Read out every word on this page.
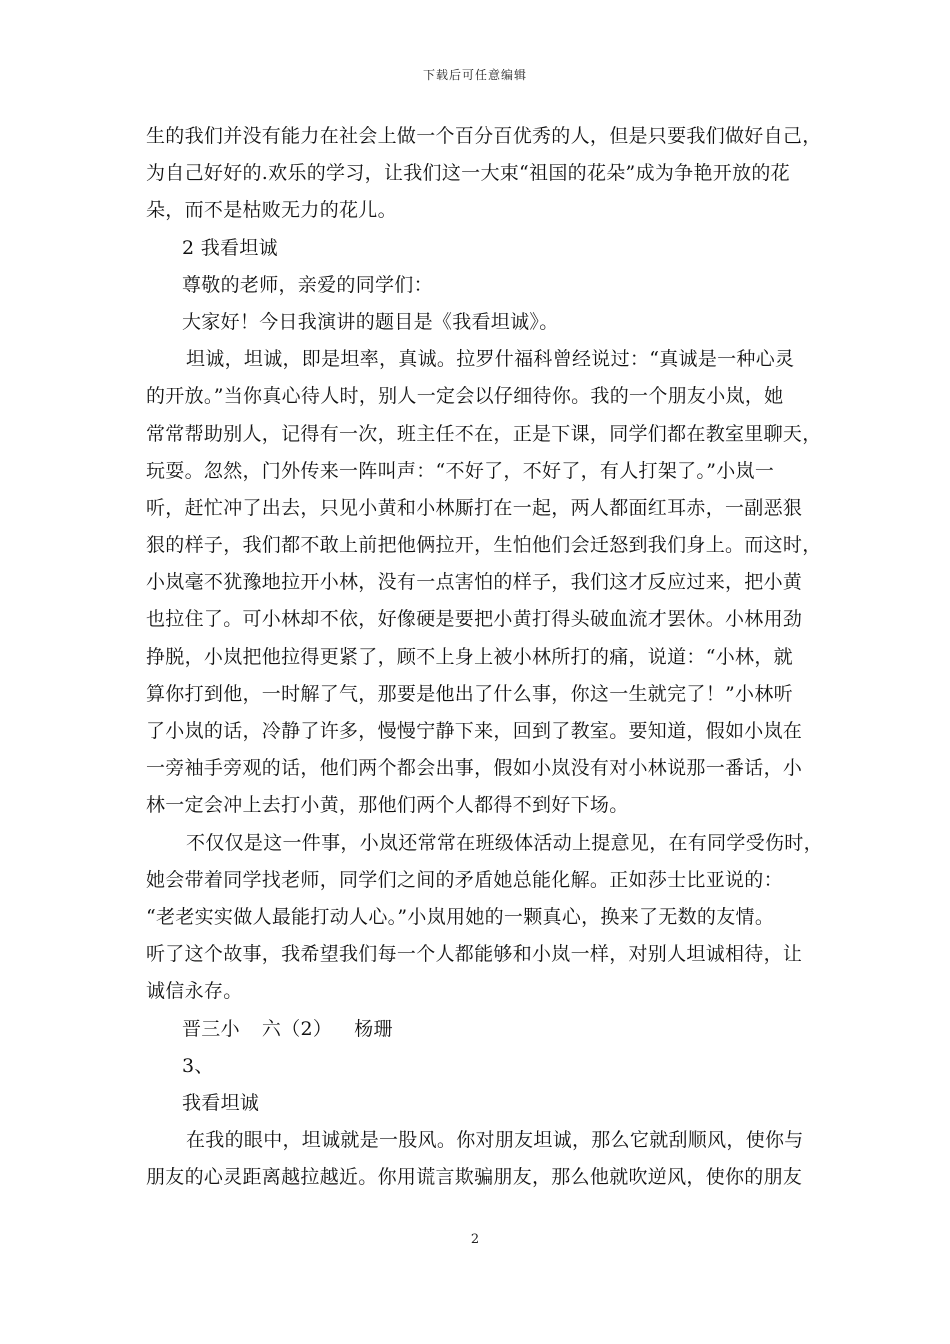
下载后可任意编辑
生的我们并没有能力在社会上做一个百分百优秀的人，但是只要我们做好自己，
为自己好好的.欢乐的学习，让我们这一大束“祖国的花朵”成为争艳开放的花
朵，而不是枯败无力的花儿。
2 我看坦诚
尊敬的老师，亲爱的同学们：
大家好！今日我演讲的题目是《我看坦诚》。
坦诚，坦诚，即是坦率，真诚。拉罗什福科曾经说过：“真诚是一种心灵
的开放。”当你真心待人时，别人一定会以仔细待你。我的一个朋友小岚，她
常常帮助别人，记得有一次，班主任不在，正是下课，同学们都在教室里聊天，
玩耍。忽然，门外传来一阵叫声：“不好了，不好了，有人打架了。”小岚一
听，赶忙冲了出去，只见小黄和小林厮打在一起，两人都面红耳赤，一副恶狠
狠的样子，我们都不敢上前把他俩拉开，生怕他们会迁怒到我们身上。而这时，
小岚毫不犹豫地拉开小林，没有一点害怕的样子，我们这才反应过来，把小黄
也拉住了。可小林却不依，好像硬是要把小黄打得头破血流才罢休。小林用劲
挣脱，小岚把他拉得更紧了，顾不上身上被小林所打的痛，说道：“小林，就
算你打到他，一时解了气，那要是他出了什么事，你这一生就完了！”小林听
了小岚的话，冷静了许多，慢慢宁静下来，回到了教室。要知道，假如小岚在
一旁袖手旁观的话，他们两个都会出事，假如小岚没有对小林说那一番话，小
林一定会冲上去打小黄，那他们两个人都得不到好下场。
不仅仅是这一件事，小岚还常常在班级体活动上提意见，在有同学受伤时，
她会带着同学找老师，同学们之间的矛盾她总能化解。正如莎士比亚说的：
“老老实实做人最能打动人心。”小岚用她的一颗真心，换来了无数的友情。
听了这个故事，我希望我们每一个人都能够和小岚一样，对别人坦诚相待，让
诚信永存。
晋三小 六（2） 杨珊
3、
我看坦诚
在我的眼中，坦诚就是一股风。你对朋友坦诚，那么它就刮顺风，使你与
朋友的心灵距离越拉越近。你用谎言欺骗朋友，那么他就吹逆风，使你的朋友
2
